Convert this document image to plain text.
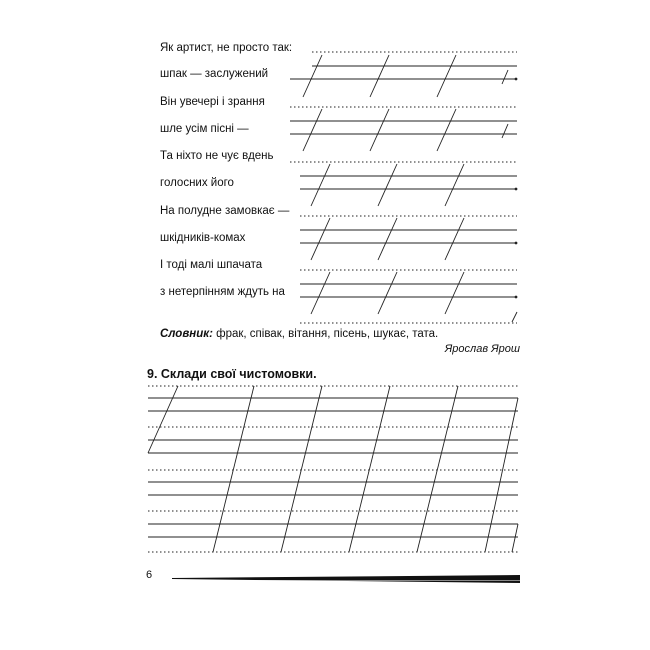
Як артист, не просто так:
шпак — заслужений
Він увечері і зрання
шле усім пісні —
Та ніхто не чує вдень
голосних його
На полудне замовкає —
шкідників-комах
І тоді малі шпачата
з нетерпінням ждуть на
Словник: фрак, співак, вітання, пісень, шукає, тата.
Ярослав Ярош
9. Склади свої чистомовки.
6
